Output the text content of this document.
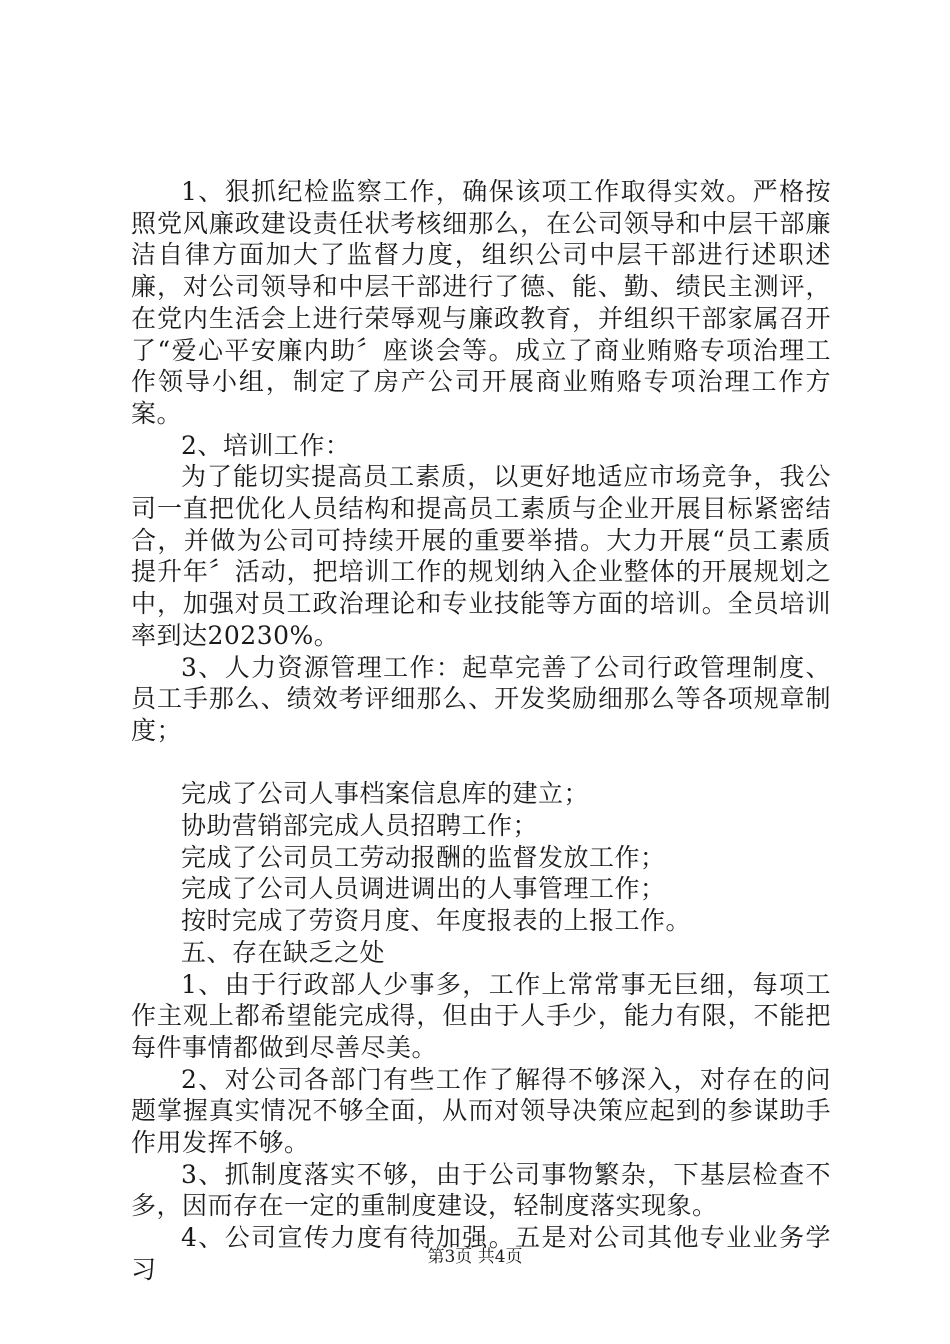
1、狠抓纪检监察工作，确保该项工作取得实效。严格按照党风廉政建设责任状考核细那么，在公司领导和中层干部廉洁自律方面加大了监督力度，组织公司中层干部进行述职述廉，对公司领导和中层干部进行了德、能、勤、绩民主测评，在党内生活会上进行荣辱观与廉政教育，并组织干部家属召开了“爱心平安廉内助〞座谈会等。成立了商业贿赂专项治理工作领导小组，制定了房产公司开展商业贿赂专项治理工作方案。

2、培训工作：

为了能切实提高员工素质，以更好地适应市场竞争，我公司一直把优化人员结构和提高员工素质与企业开展目标紧密结合，并做为公司可持续开展的重要举措。大力开展“员工素质提升年〞活动，把培训工作的规划纳入企业整体的开展规划之中，加强对员工政治理论和专业技能等方面的培训。全员培训率到达20230%。

3、人力资源管理工作：起草完善了公司行政管理制度、员工手那么、绩效考评细那么、开发奖励细那么等各项规章制度；

完成了公司人事档案信息库的建立；

协助营销部完成人员招聘工作；

完成了公司员工劳动报酬的监督发放工作；

完成了公司人员调进调出的人事管理工作；

按时完成了劳资月度、年度报表的上报工作。

五、存在缺乏之处

1、由于行政部人少事多，工作上常常事无巨细，每项工作主观上都希望能完成得，但由于人手少，能力有限，不能把每件事情都做到尽善尽美。

2、对公司各部门有些工作了解得不够深入，对存在的问题掌握真实情况不够全面，从而对领导决策应起到的参谋助手作用发挥不够。

3、抓制度落实不够，由于公司事物繁杂，下基层检查不多，因而存在一定的重制度建设，轻制度落实现象。

4、公司宣传力度有待加强。五是对公司其他专业业务学习	第3页 共4页
